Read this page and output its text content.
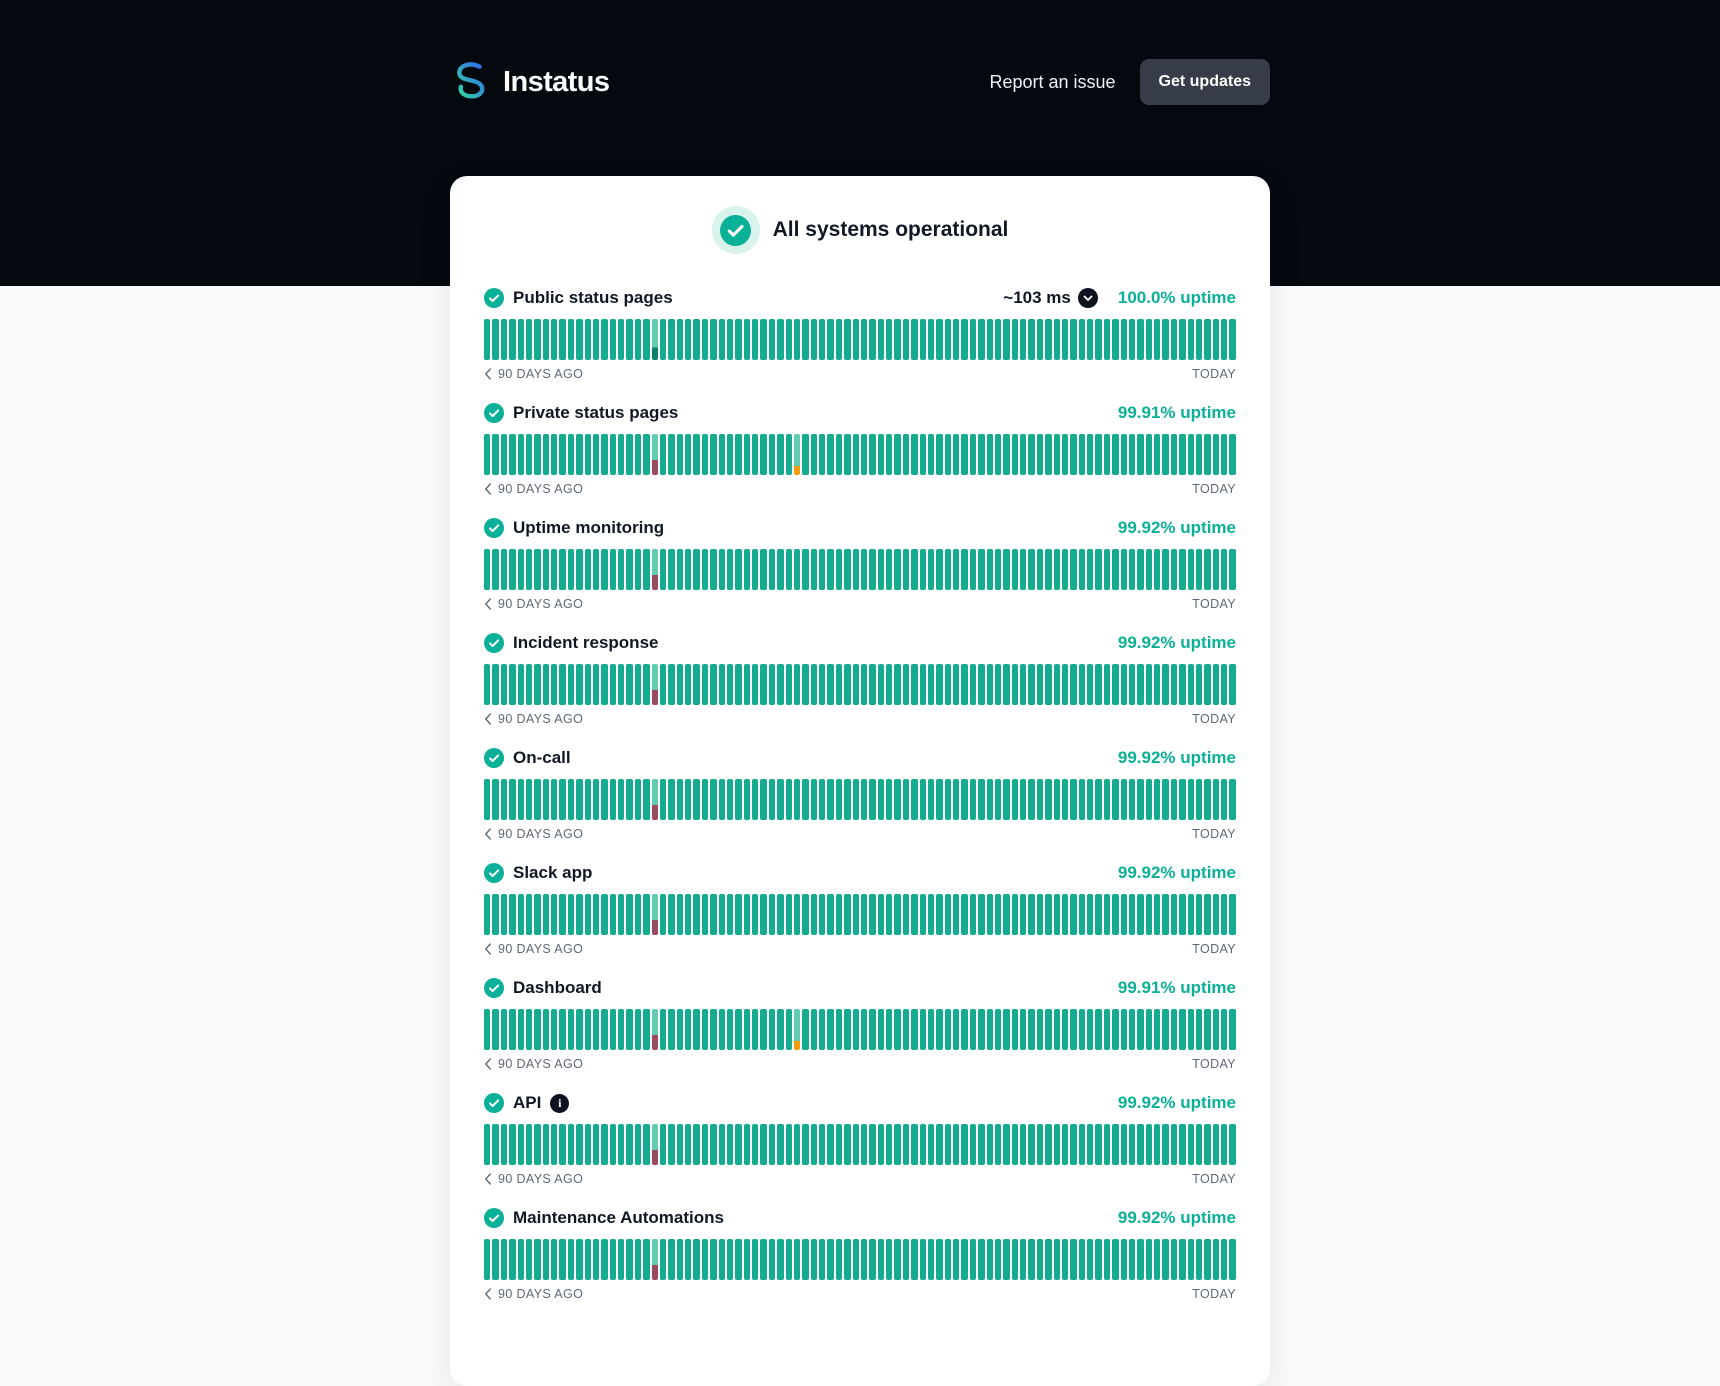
Instatus	Report an issue	Get updates
All systems operational
Public status pages	~103 ms	100.0% uptime
90 DAYS AGO	TODAY
Private status pages	99.91% uptime
90 DAYS AGO	TODAY
Uptime monitoring	99.92% uptime
90 DAYS AGO	TODAY
Incident response	99.92% uptime
90 DAYS AGO	TODAY
On-call	99.92% uptime
90 DAYS AGO	TODAY
Slack app	99.92% uptime
90 DAYS AGO	TODAY
Dashboard	99.91% uptime
90 DAYS AGO	TODAY
API	i	99.92% uptime
90 DAYS AGO	TODAY
Maintenance Automations	99.92% uptime
90 DAYS AGO	TODAY
